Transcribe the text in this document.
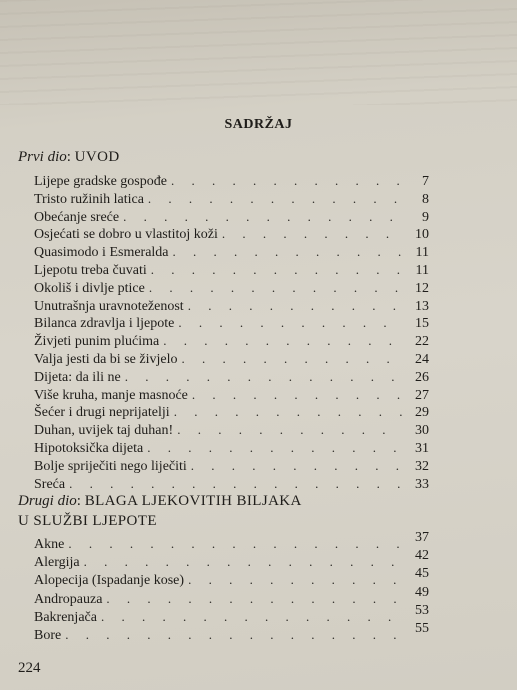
SADRŽAJ
Prvi dio: UVOD
Lijepe gradske gospođe . . .	7
Tristo ružinih latica . . .	8
Obećanje sreće . . .	9
Osjećati se dobro u vlastitoj koži . . .	10
Quasimodo i Esmeralda . . .	11
Ljepotu treba čuvati . . .	11
Okoliš i divlje ptice . . .	12
Unutrašnja uravnoteženost . . .	13
Bilanca zdravlja i ljepote . . .	15
Živjeti punim plućima . . .	22
Valja jesti da bi se živjelo . . .	24
Dijeta: da ili ne . . .	26
Više kruha, manje masnoće . . .	27
Šećer i drugi neprijatelji . . .	29
Duhan, uvijek taj duhan! . . .	30
Hipotoksička dijeta . . .	31
Bolje spriječiti nego liječiti . . .	32
Sreća . . .	33
Drugi dio: BLAGA LJEKOVITIH BILJAKA
U SLUŽBI LJEPOTE
Akne . . .	37
Alergija . . .	42
Alopecija (Ispadanje kose) . . .	45
Andropauza . . .	49
Bakrenjača . . .	53
Bore . . .	55
224
